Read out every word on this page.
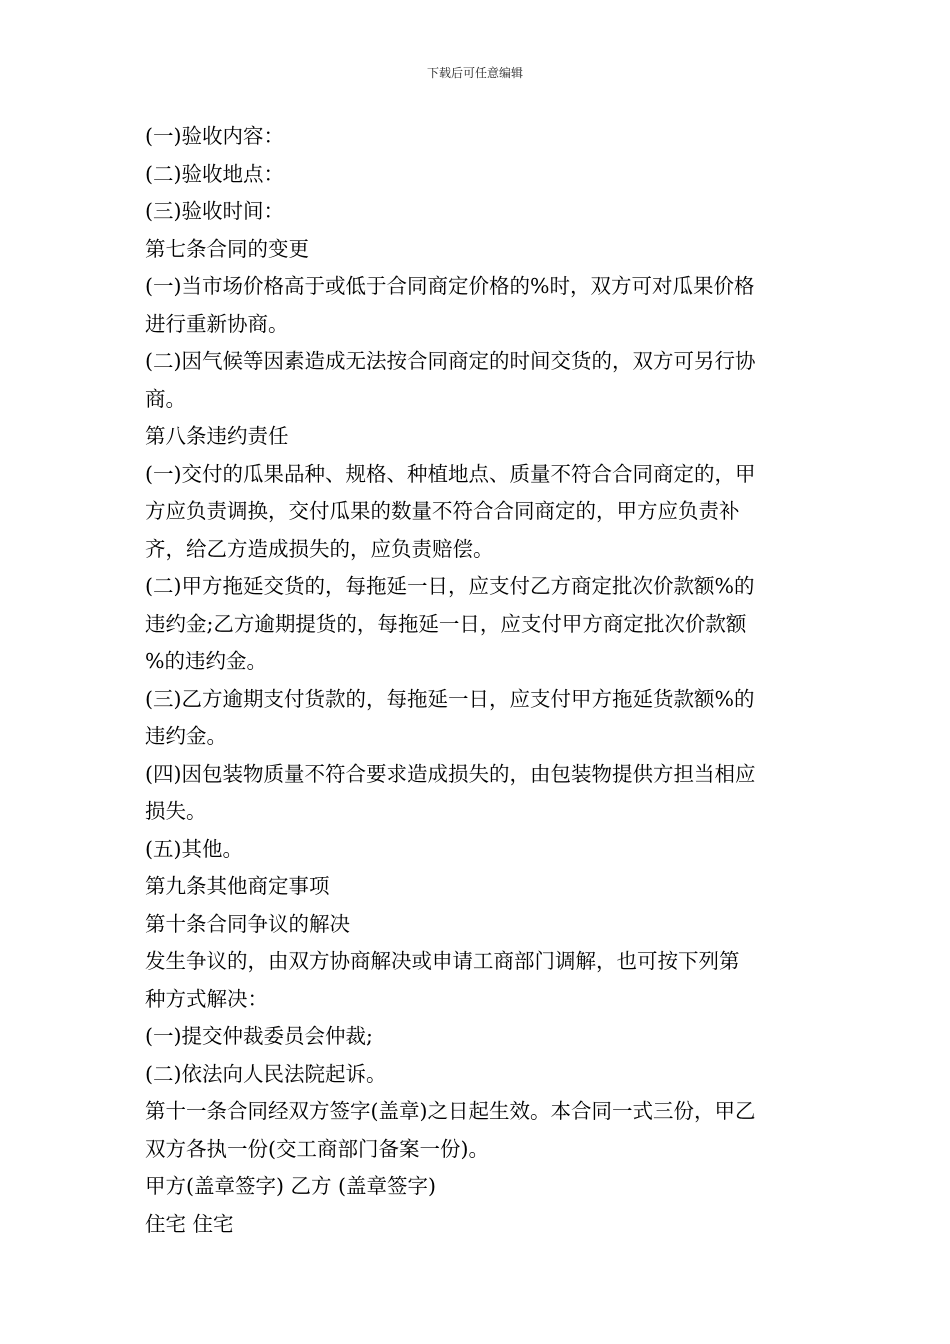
下载后可任意编辑
(一)验收内容：
(二)验收地点：
(三)验收时间：
第七条合同的变更
(一)当市场价格高于或低于合同商定价格的%时，双方可对瓜果价格
进行重新协商。
(二)因气候等因素造成无法按合同商定的时间交货的，双方可另行协
商。
第八条违约责任
(一)交付的瓜果品种、规格、种植地点、质量不符合合同商定的，甲
方应负责调换，交付瓜果的数量不符合合同商定的，甲方应负责补
齐，给乙方造成损失的，应负责赔偿。
(二)甲方拖延交货的，每拖延一日，应支付乙方商定批次价款额%的
违约金;乙方逾期提货的，每拖延一日，应支付甲方商定批次价款额
%的违约金。
(三)乙方逾期支付货款的，每拖延一日，应支付甲方拖延货款额%的
违约金。
(四)因包装物质量不符合要求造成损失的，由包装物提供方担当相应
损失。
(五)其他。
第九条其他商定事项
第十条合同争议的解决
发生争议的，由双方协商解决或申请工商部门调解，也可按下列第
种方式解决：
(一)提交仲裁委员会仲裁;
(二)依法向人民法院起诉。
第十一条合同经双方签字(盖章)之日起生效。本合同一式三份，甲乙
双方各执一份(交工商部门备案一份)。
甲方(盖章签字) 乙方 (盖章签字)
住宅 住宅
